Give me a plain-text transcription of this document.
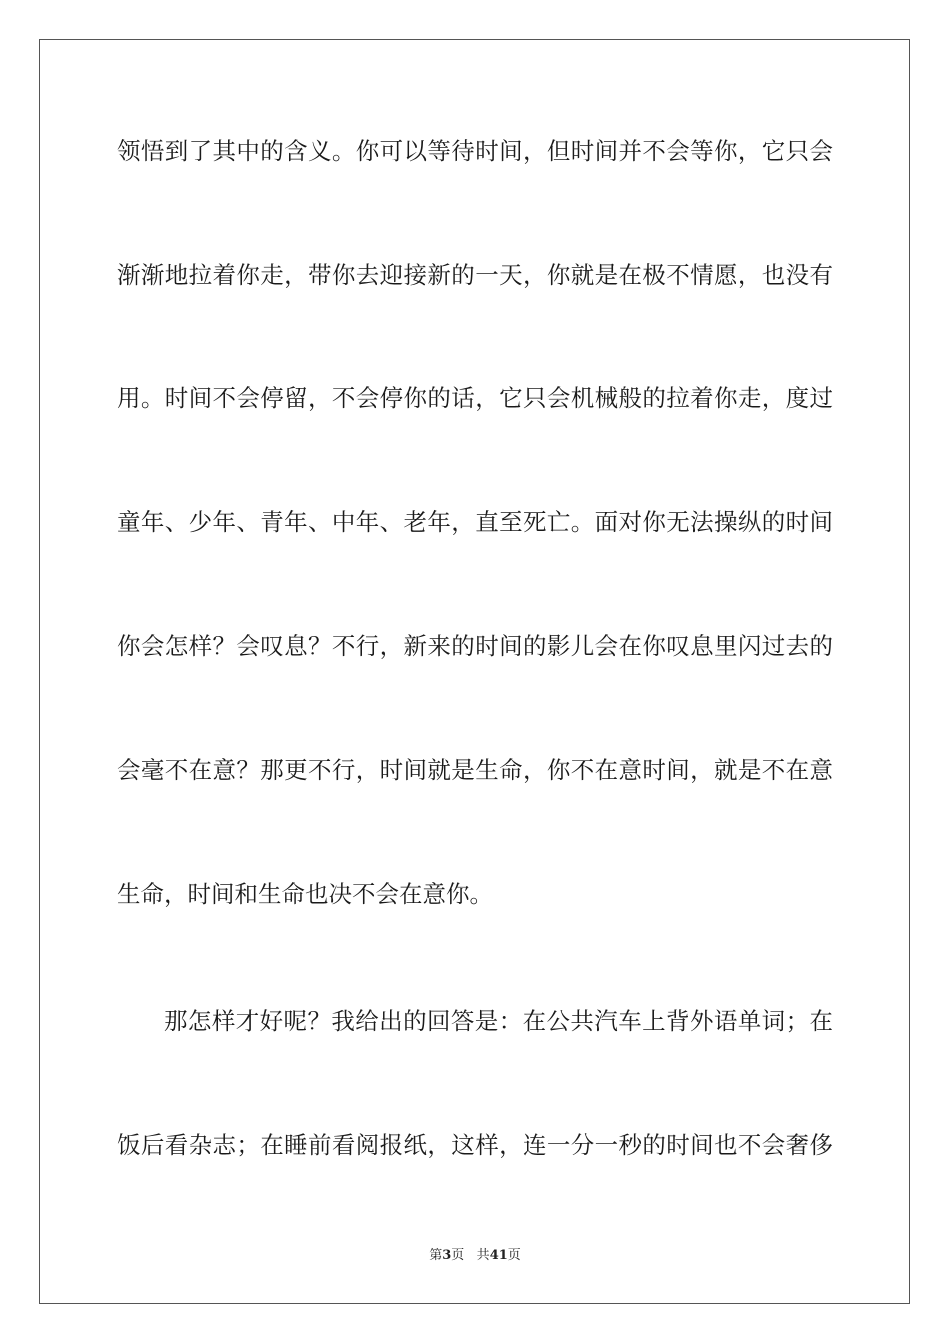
领悟到了其中的含义。你可以等待时间，但时间并不会等你，它只会
渐渐地拉着你走，带你去迎接新的一天，你就是在极不情愿，也没有
用。时间不会停留，不会停你的话，它只会机械般的拉着你走，度过
童年、少年、青年、中年、老年，直至死亡。面对你无法操纵的时间
你会怎样？会叹息？不行，新来的时间的影儿会在你叹息里闪过去的
会毫不在意？那更不行，时间就是生命，你不在意时间，就是不在意
生命，时间和生命也决不会在意你。
那怎样才好呢？我给出的回答是：在公共汽车上背外语单词；在
饭后看杂志；在睡前看阅报纸，这样，连一分一秒的时间也不会奢侈
第3页 共41页
